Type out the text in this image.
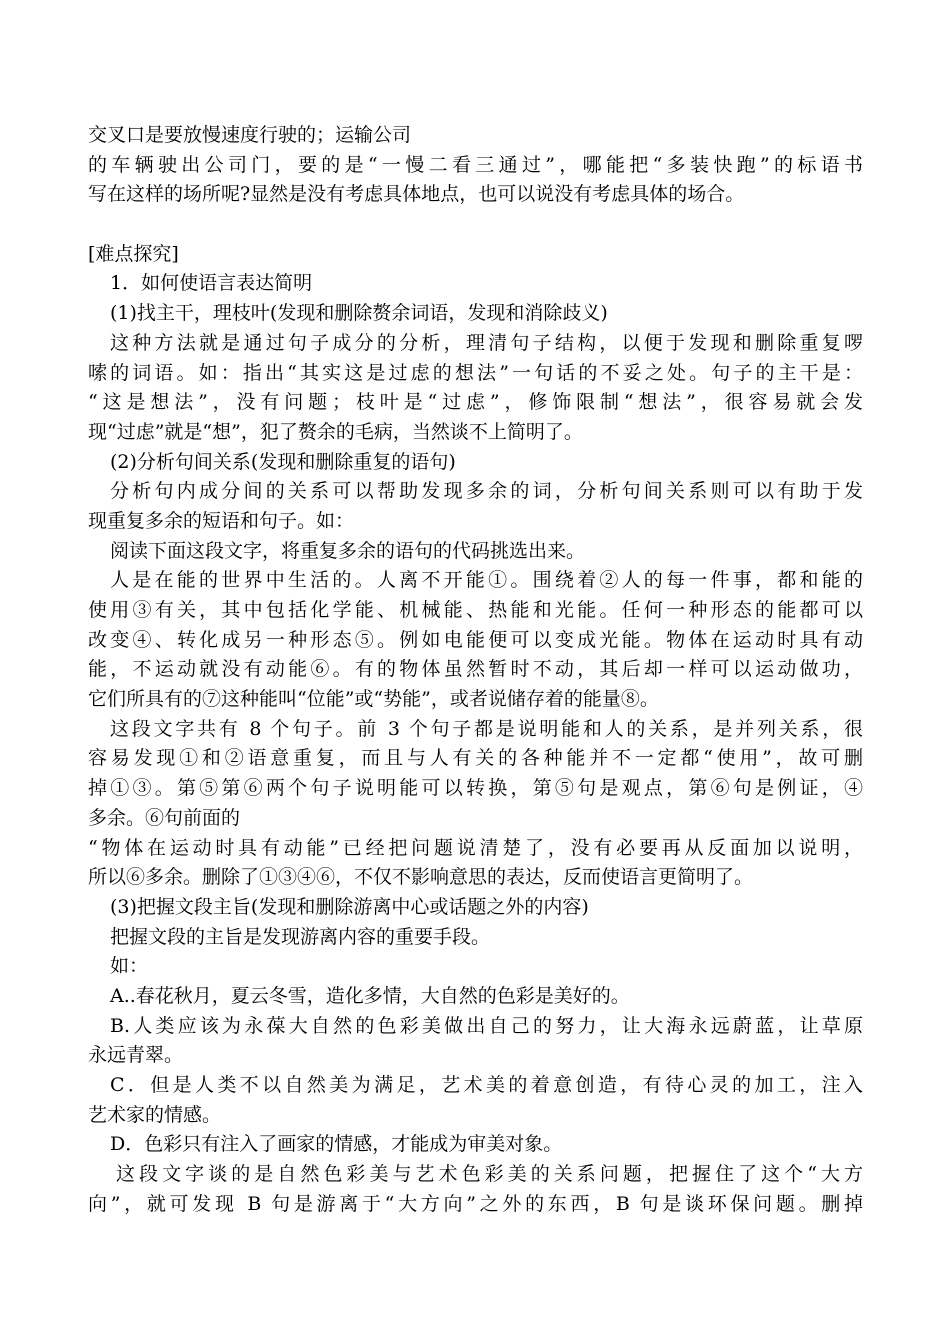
交叉口是要放慢速度行驶的；运输公司
的车辆驶出公司门，要的是“一慢二看三通过”，哪能把“多装快跑”的标语书
写在这样的场所呢?显然是没有考虑具体地点，也可以说没有考虑具体的场合。
[难点探究]
1．如何使语言表达简明
(1)找主干，理枝叶(发现和删除赘余词语，发现和消除歧义)
这种方法就是通过句子成分的分析，理清句子结构，以便于发现和删除重复啰
嗦的词语。如：指出“其实这是过虑的想法”一句话的不妥之处。句子的主干是：
“这是想法”，没有问题；枝叶是“过虑”，修饰限制“想法”，很容易就会发
现“过虑”就是“想”，犯了赘余的毛病，当然谈不上简明了。
(2)分析句间关系(发现和删除重复的语句)
分析句内成分间的关系可以帮助发现多余的词，分析句间关系则可以有助于发
现重复多余的短语和句子。如：
阅读下面这段文字，将重复多余的语句的代码挑选出来。
人是在能的世界中生活的。人离不开能①。围绕着②人的每一件事，都和能的
使用③有关，其中包括化学能、机械能、热能和光能。任何一种形态的能都可以
改变④、转化成另一种形态⑤。例如电能便可以变成光能。物体在运动时具有动
能，不运动就没有动能⑥。有的物体虽然暂时不动，其后却一样可以运动做功，
它们所具有的⑦这种能叫“位能”或“势能”，或者说储存着的能量⑧。
这段文字共有 8 个句子。前 3 个句子都是说明能和人的关系，是并列关系，很
容易发现①和②语意重复，而且与人有关的各种能并不一定都“使用”，故可删
掉①③。第⑤第⑥两个句子说明能可以转换，第⑤句是观点，第⑥句是例证，④
多余。⑥句前面的
“物体在运动时具有动能”已经把问题说清楚了，没有必要再从反面加以说明，
所以⑥多余。删除了①③④⑥，不仅不影响意思的表达，反而使语言更简明了。
(3)把握文段主旨(发现和删除游离中心或话题之外的内容)
把握文段的主旨是发现游离内容的重要手段。
如：
A..春花秋月，夏云冬雪，造化多情，大自然的色彩是美好的。
B.人类应该为永葆大自然的色彩美做出自己的努力，让大海永远蔚蓝，让草原
永远青翠。
C．但是人类不以自然美为满足，艺术美的着意创造，有待心灵的加工，注入
艺术家的情感。
D．色彩只有注入了画家的情感，才能成为审美对象。
这段文字谈的是自然色彩美与艺术色彩美的关系问题，把握住了这个“大方
向”，就可发现 B 句是游离于“大方向”之外的东西，B 句是谈环保问题。删掉
